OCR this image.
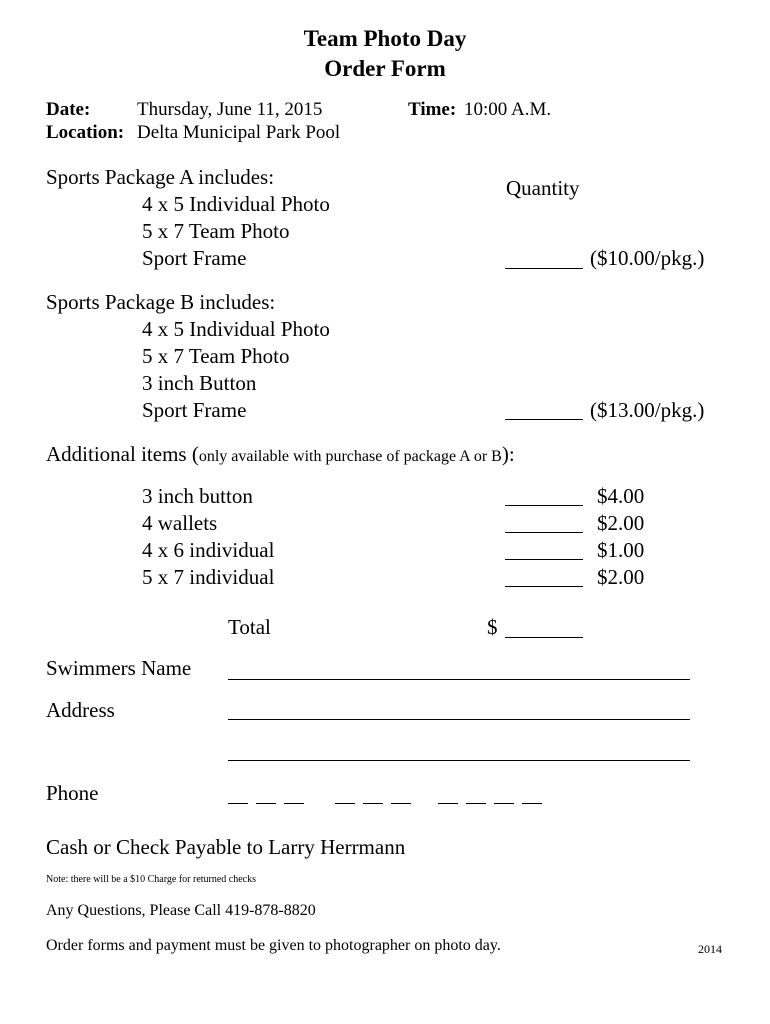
Team Photo Day
Order Form
Date: Thursday, June 11, 2015	Time: 10:00 A.M.
Location: Delta Municipal Park Pool
Sports Package A includes:	Quantity
4 x 5 Individual Photo
5 x 7 Team Photo
Sport Frame	($10.00/pkg.)
Sports Package B includes:
4 x 5 Individual Photo
5 x 7 Team Photo
3 inch Button
Sport Frame	($13.00/pkg.)
Additional items (only available with purchase of package A or B):
3 inch button	$4.00
4 wallets	$2.00
4 x 6 individual	$1.00
5 x 7 individual	$2.00
Total	$
Swimmers Name
Address
Phone
Cash or Check Payable to Larry Herrmann
Note: there will be a $10 Charge for returned checks
Any Questions, Please Call 419-878-8820
Order forms and payment must be given to photographer on photo day.	2014
